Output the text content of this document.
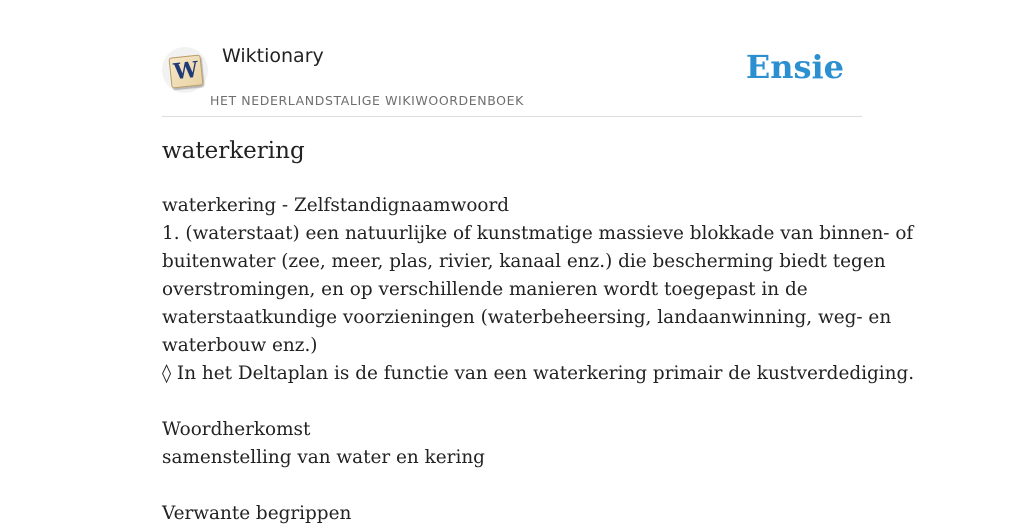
W
Wiktionary
HET NEDERLANDSTALIGE WIKIWOORDENBOEK
Ensie
waterkering
waterkering - Zelfstandignaamwoord
1. (waterstaat) een natuurlijke of kunstmatige massieve blokkade van binnen- of
buitenwater (zee, meer, plas, rivier, kanaal enz.) die bescherming biedt tegen
overstromingen, en op verschillende manieren wordt toegepast in de
waterstaatkundige voorzieningen (waterbeheersing, landaanwinning, weg- en
waterbouw enz.)
◊ In het Deltaplan is de functie van een waterkering primair de kustverdediging.
Woordherkomst
samenstelling van water en kering
Verwante begrippen
